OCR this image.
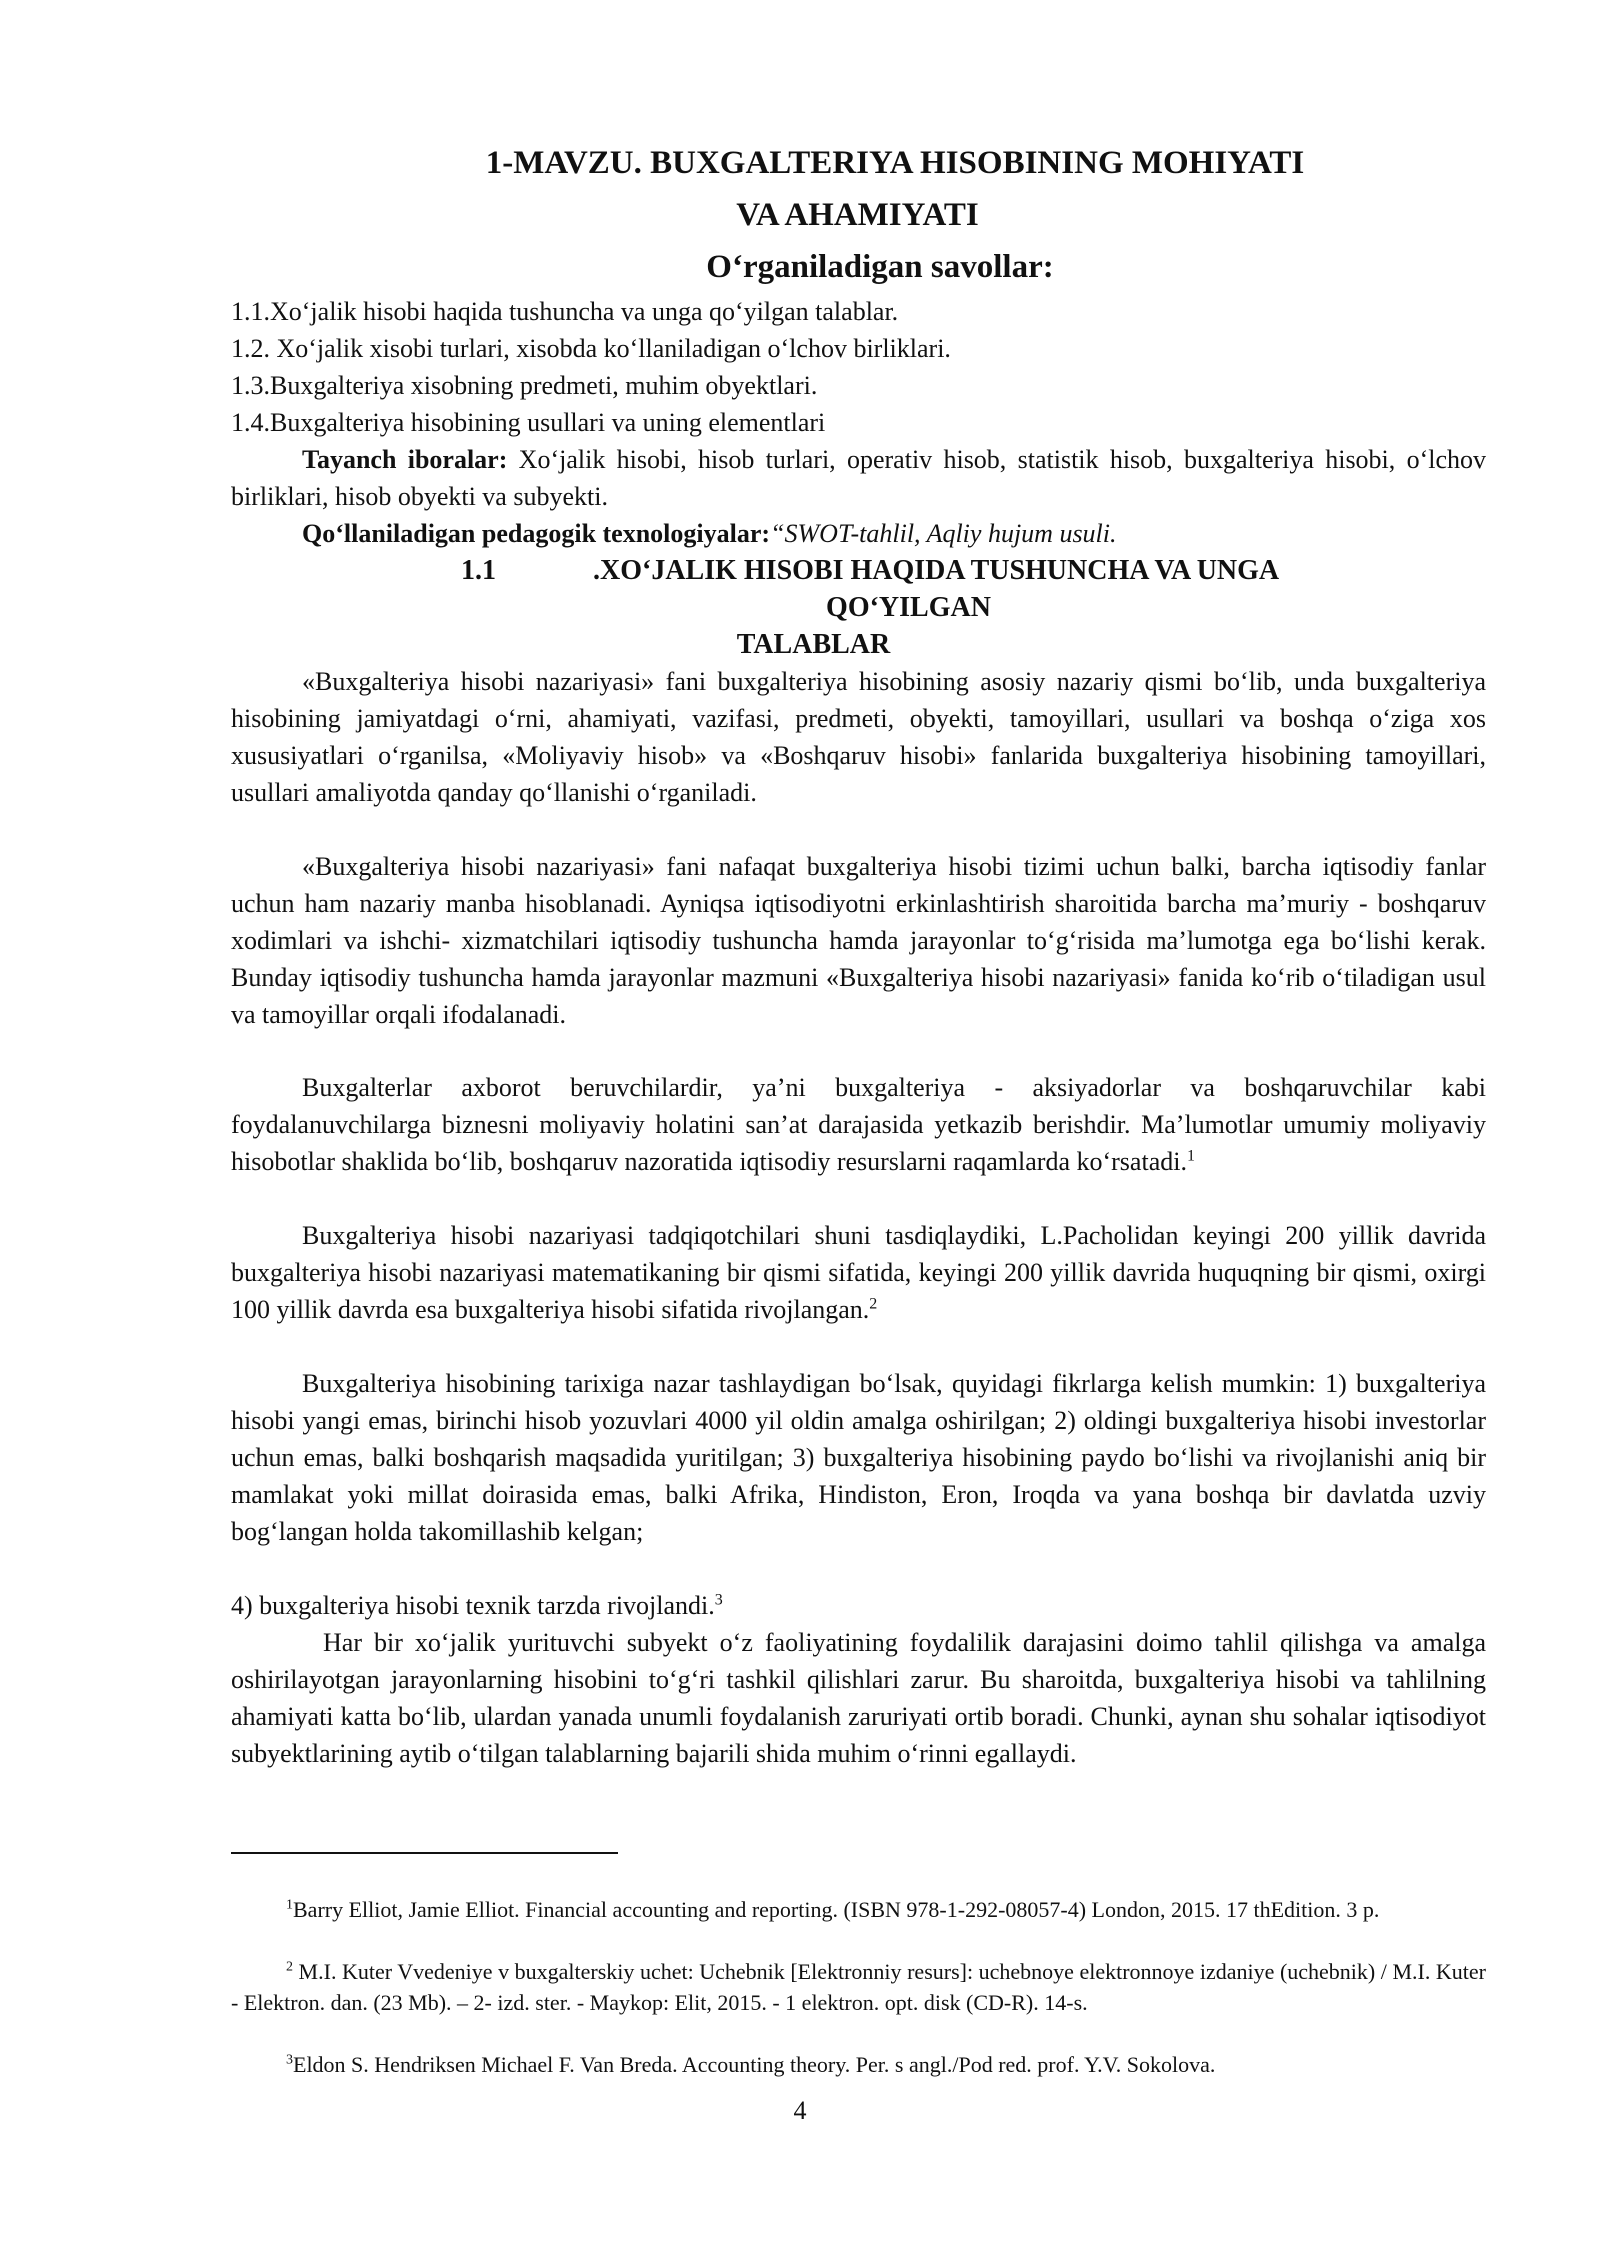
1-MAVZU. BUXGALTERIYA HISOBINING MOHIYATI
VA AHAMIYATI
O‘rganiladigan savollar:
1.1.Xo‘jalik hisobi haqida tushuncha va unga qo‘yilgan talablar.
1.2. Xo‘jalik xisobi turlari, xisobda ko‘llaniladigan o‘lchov birliklari.
1.3.Buxgalteriya xisobning predmeti, muhim obyektlari.
1.4.Buxgalteriya hisobining usullari va uning elementlari

Tayanch iboralar: Xo‘jalik hisobi, hisob turlari, operativ hisob, statistik hisob, buxgalteriya hisobi, o‘lchov birliklari, hisob obyekti va subyekti.

Qo‘llaniladigan pedagogik texnologiyalar:“SWOT-tahlil, Aqliy hujum usuli.

1.1	.XO‘JALIK HISOBI HAQIDA TUSHUNCHA VA UNGA
QO‘YILGAN
TALABLAR

«Buxgalteriya hisobi nazariyasi» fani buxgalteriya hisobining asosiy nazariy qismi bo‘lib, unda buxgalteriya hisobining jamiyatdagi o‘rni, ahamiyati, vazifasi, predmeti, obyekti, tamoyillari, usullari va boshqa o‘ziga xos xususiyatlari o‘rganilsa, «Moliyaviy hisob» va «Boshqaruv hisobi» fanlarida buxgalteriya hisobining tamoyillari, usullari amaliyotda qanday qo‘llanishi o‘rganiladi.

«Buxgalteriya hisobi nazariyasi» fani nafaqat buxgalteriya hisobi tizimi uchun balki, barcha iqtisodiy fanlar uchun ham nazariy manba hisoblanadi. Ayniqsa iqtisodiyotni erkinlashtirish sharoitida barcha ma’muriy - boshqaruv xodimlari va ishchi- xizmatchilari iqtisodiy tushuncha hamda jarayonlar to‘g‘risida ma’lumotga ega bo‘lishi kerak. Bunday iqtisodiy tushuncha hamda jarayonlar mazmuni «Buxgalteriya hisobi nazariyasi» fanida ko‘rib o‘tiladigan usul va tamoyillar orqali ifodalanadi.

Buxgalterlar axborot beruvchilardir, ya’ni buxgalteriya - aksiyadorlar va boshqaruvchilar kabi foydalanuvchilarga biznesni moliyaviy holatini san’at darajasida yetkazib berishdir. Ma’lumotlar umumiy moliyaviy hisobotlar shaklida bo‘lib, boshqaruv nazoratida iqtisodiy resurslarni raqamlarda ko‘rsatadi.$^1$

Buxgalteriya hisobi nazariyasi tadqiqotchilari shuni tasdiqlaydiki, L.Pacholidan keyingi 200 yillik davrida buxgalteriya hisobi nazariyasi matematikaning bir qismi sifatida, keyingi 200 yillik davrida huquqning bir qismi, oxirgi 100 yillik davrda esa buxgalteriya hisobi sifatida rivojlangan.$^2$

Buxgalteriya hisobining tarixiga nazar tashlaydigan bo‘lsak, quyidagi fikrlarga kelish mumkin: 1) buxgalteriya hisobi yangi emas, birinchi hisob yozuvlari 4000 yil oldin amalga oshirilgan; 2) oldingi buxgalteriya hisobi investorlar uchun emas, balki boshqarish maqsadida yuritilgan; 3) buxgalteriya hisobining paydo bo‘lishi va rivojlanishi aniq bir mamlakat yoki millat doirasida emas, balki Afrika, Hindiston, Eron, Iroqda va yana boshqa bir davlatda uzviy bog‘langan holda takomillashib kelgan;

4) buxgalteriya hisobi texnik tarzda rivojlandi.$^3$

Har bir xo‘jalik yurituvchi subyekt o‘z faoliyatining foydalilik darajasini doimo tahlil qilishga va amalga oshirilayotgan jarayonlarning hisobini to‘g‘ri tashkil qilishlari zarur. Bu sharoitda, buxgalteriya hisobi va tahlilning ahamiyati katta bo‘lib, ulardan yanada unumli foydalanish zaruriyati ortib boradi. Chunki, aynan shu sohalar iqtisodiyot subyektlarining aytib o‘tilgan talablarning bajarili shida muhim o‘rinni egallaydi.

$^1$Barry Elliot, Jamie Elliot. Financial accounting and reporting. (ISBN 978-1-292-08057-4) London, 2015. 17 thEdition. 3 p.

$^2$ M.I. Kuter Vvedeniye v buxgalterskiy uchet: Uchebnik [Elektronniy resurs]: uchebnoye elektronnoye izdaniye (uchebnik) / M.I. Kuter - Elektron. dan. (23 Mb). – 2- izd. ster. - Maykop: Elit, 2015. - 1 elektron. opt. disk (CD-R). 14-s.

$^3$Eldon S. Hendriksen Michael F. Van Breda. Accounting theory. Per. s angl./Pod red. prof. Y.V. Sokolova.

4
